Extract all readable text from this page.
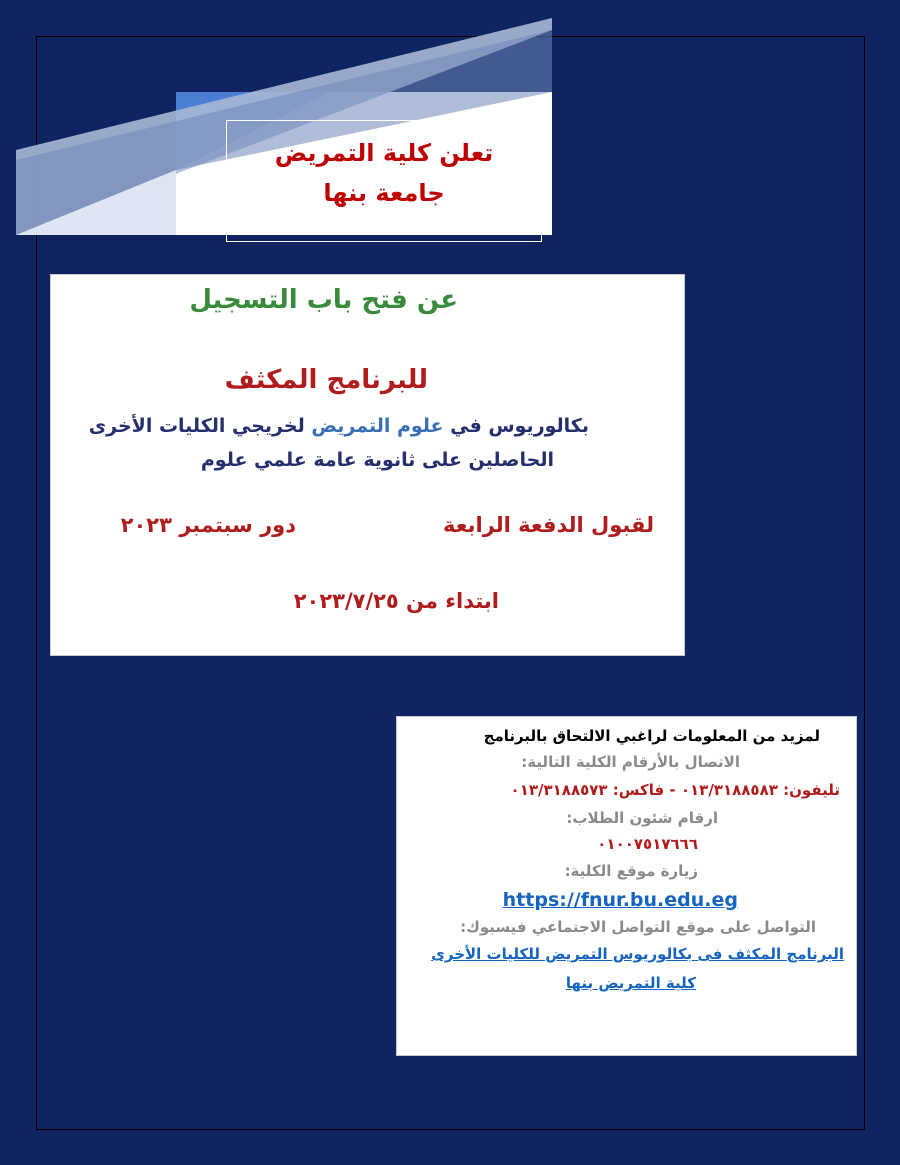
تعلن كلية التمريض
جامعة بنها
عن فتح باب التسجيل
للبرنامج المكثف
بكالوريوس في علوم التمريض لخريجي الكليات الأخرى
الحاصلين على ثانوية عامة علمي علوم
لقبول الدفعة الرابعة
دور سبتمبر ٢٠٢٣
ابتداء من ٢٠٢٣/٧/٢٥
لمزيد من المعلومات لراغبي الالتحاق بالبرنامج
الاتصال بالأرقام الكلية التالية:
تليفون: ٠١٣/٣١٨٨٥٨٣ - فاكس: ٠١٣/٣١٨٨٥٧٣
ارقام شئون الطلاب:
٠١٠٠٧٥١٧٦٦٦
زيارة موقع الكلية:
https://fnur.bu.edu.eg
التواصل على موقع التواصل الاجتماعي فيسبوك:
البرنامج المكثف فى بكالوريوس التمريض للكليات الأخرى
كلية التمريض بنها
